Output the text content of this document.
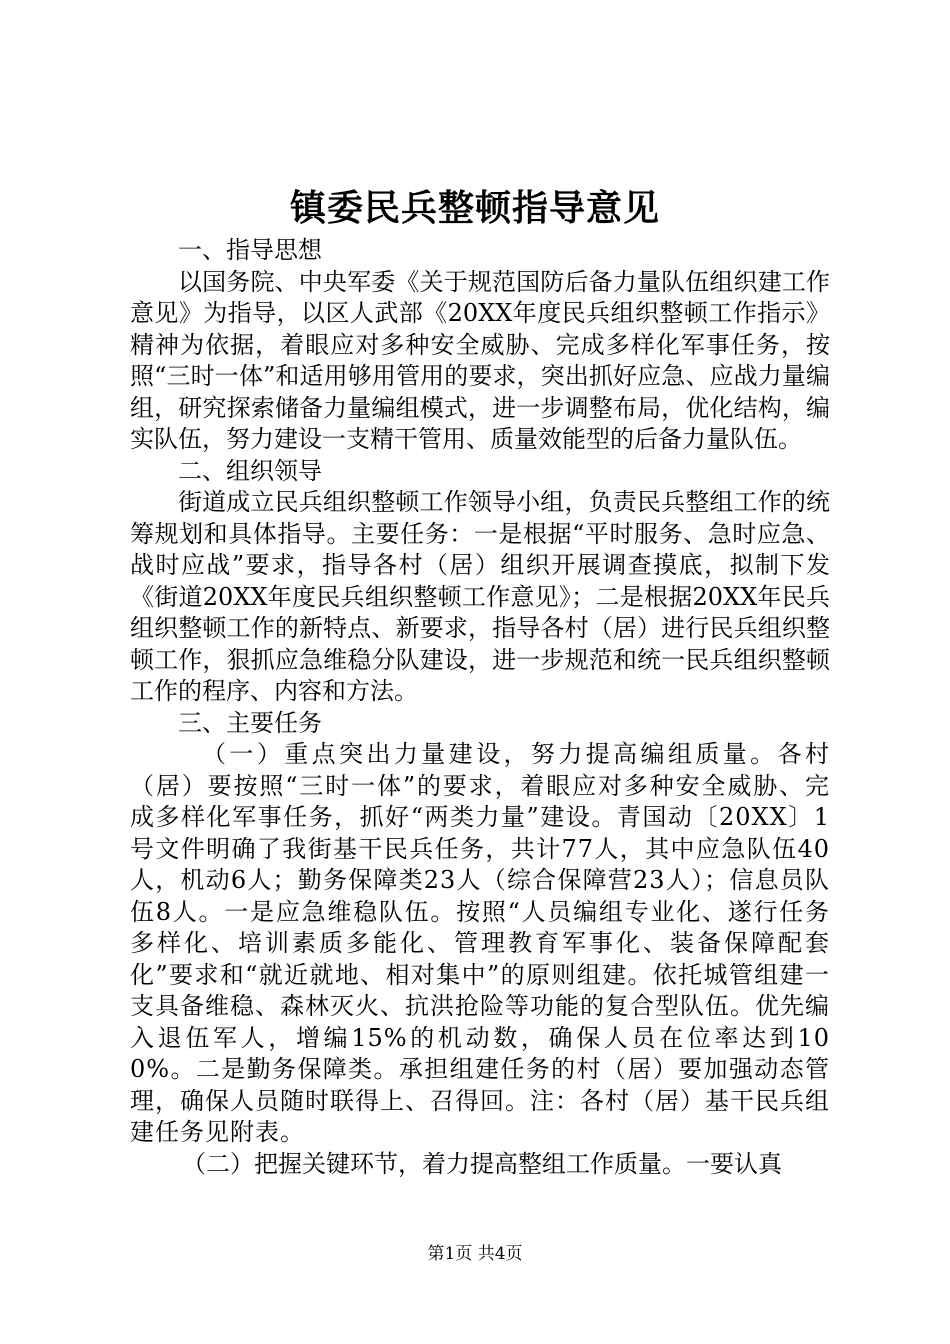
镇委民兵整顿指导意见

一、指导思想

以国务院、中央军委《关于规范国防后备力量队伍组织建工作意见》为指导，以区人武部《20XX年度民兵组织整顿工作指示》精神为依据，着眼应对多种安全威胁、完成多样化军事任务，按照“三时一体”和适用够用管用的要求，突出抓好应急、应战力量编组，研究探索储备力量编组模式，进一步调整布局，优化结构，编实队伍，努力建设一支精干管用、质量效能型的后备力量队伍。

二、组织领导

街道成立民兵组织整顿工作领导小组，负责民兵整组工作的统筹规划和具体指导。主要任务：一是根据“平时服务、急时应急、战时应战”要求，指导各村（居）组织开展调查摸底，拟制下发《街道20XX年度民兵组织整顿工作意见》；二是根据20XX年民兵组织整顿工作的新特点、新要求，指导各村（居）进行民兵组织整顿工作，狠抓应急维稳分队建设，进一步规范和统一民兵组织整顿工作的程序、内容和方法。

三、主要任务

（一）重点突出力量建设，努力提高编组质量。各村（居）要按照“三时一体”的要求，着眼应对多种安全威胁、完成多样化军事任务，抓好“两类力量”建设。青国动〔20XX〕1号文件明确了我街基干民兵任务，共计77人，其中应急队伍40人，机动6人；勤务保障类23人（综合保障营23人）；信息员队伍8人。一是应急维稳队伍。按照“人员编组专业化、遂行任务多样化、培训素质多能化、管理教育军事化、装备保障配套化”要求和“就近就地、相对集中”的原则组建。依托城管组建一支具备维稳、森林灭火、抗洪抢险等功能的复合型队伍。优先编入退伍军人，增编15%的机动数，确保人员在位率达到100%。二是勤务保障类。承担组建任务的村（居）要加强动态管理，确保人员随时联得上、召得回。注：各村（居）基干民兵组建任务见附表。

（二）把握关键环节，着力提高整组工作质量。一要认真

第1页 共4页
